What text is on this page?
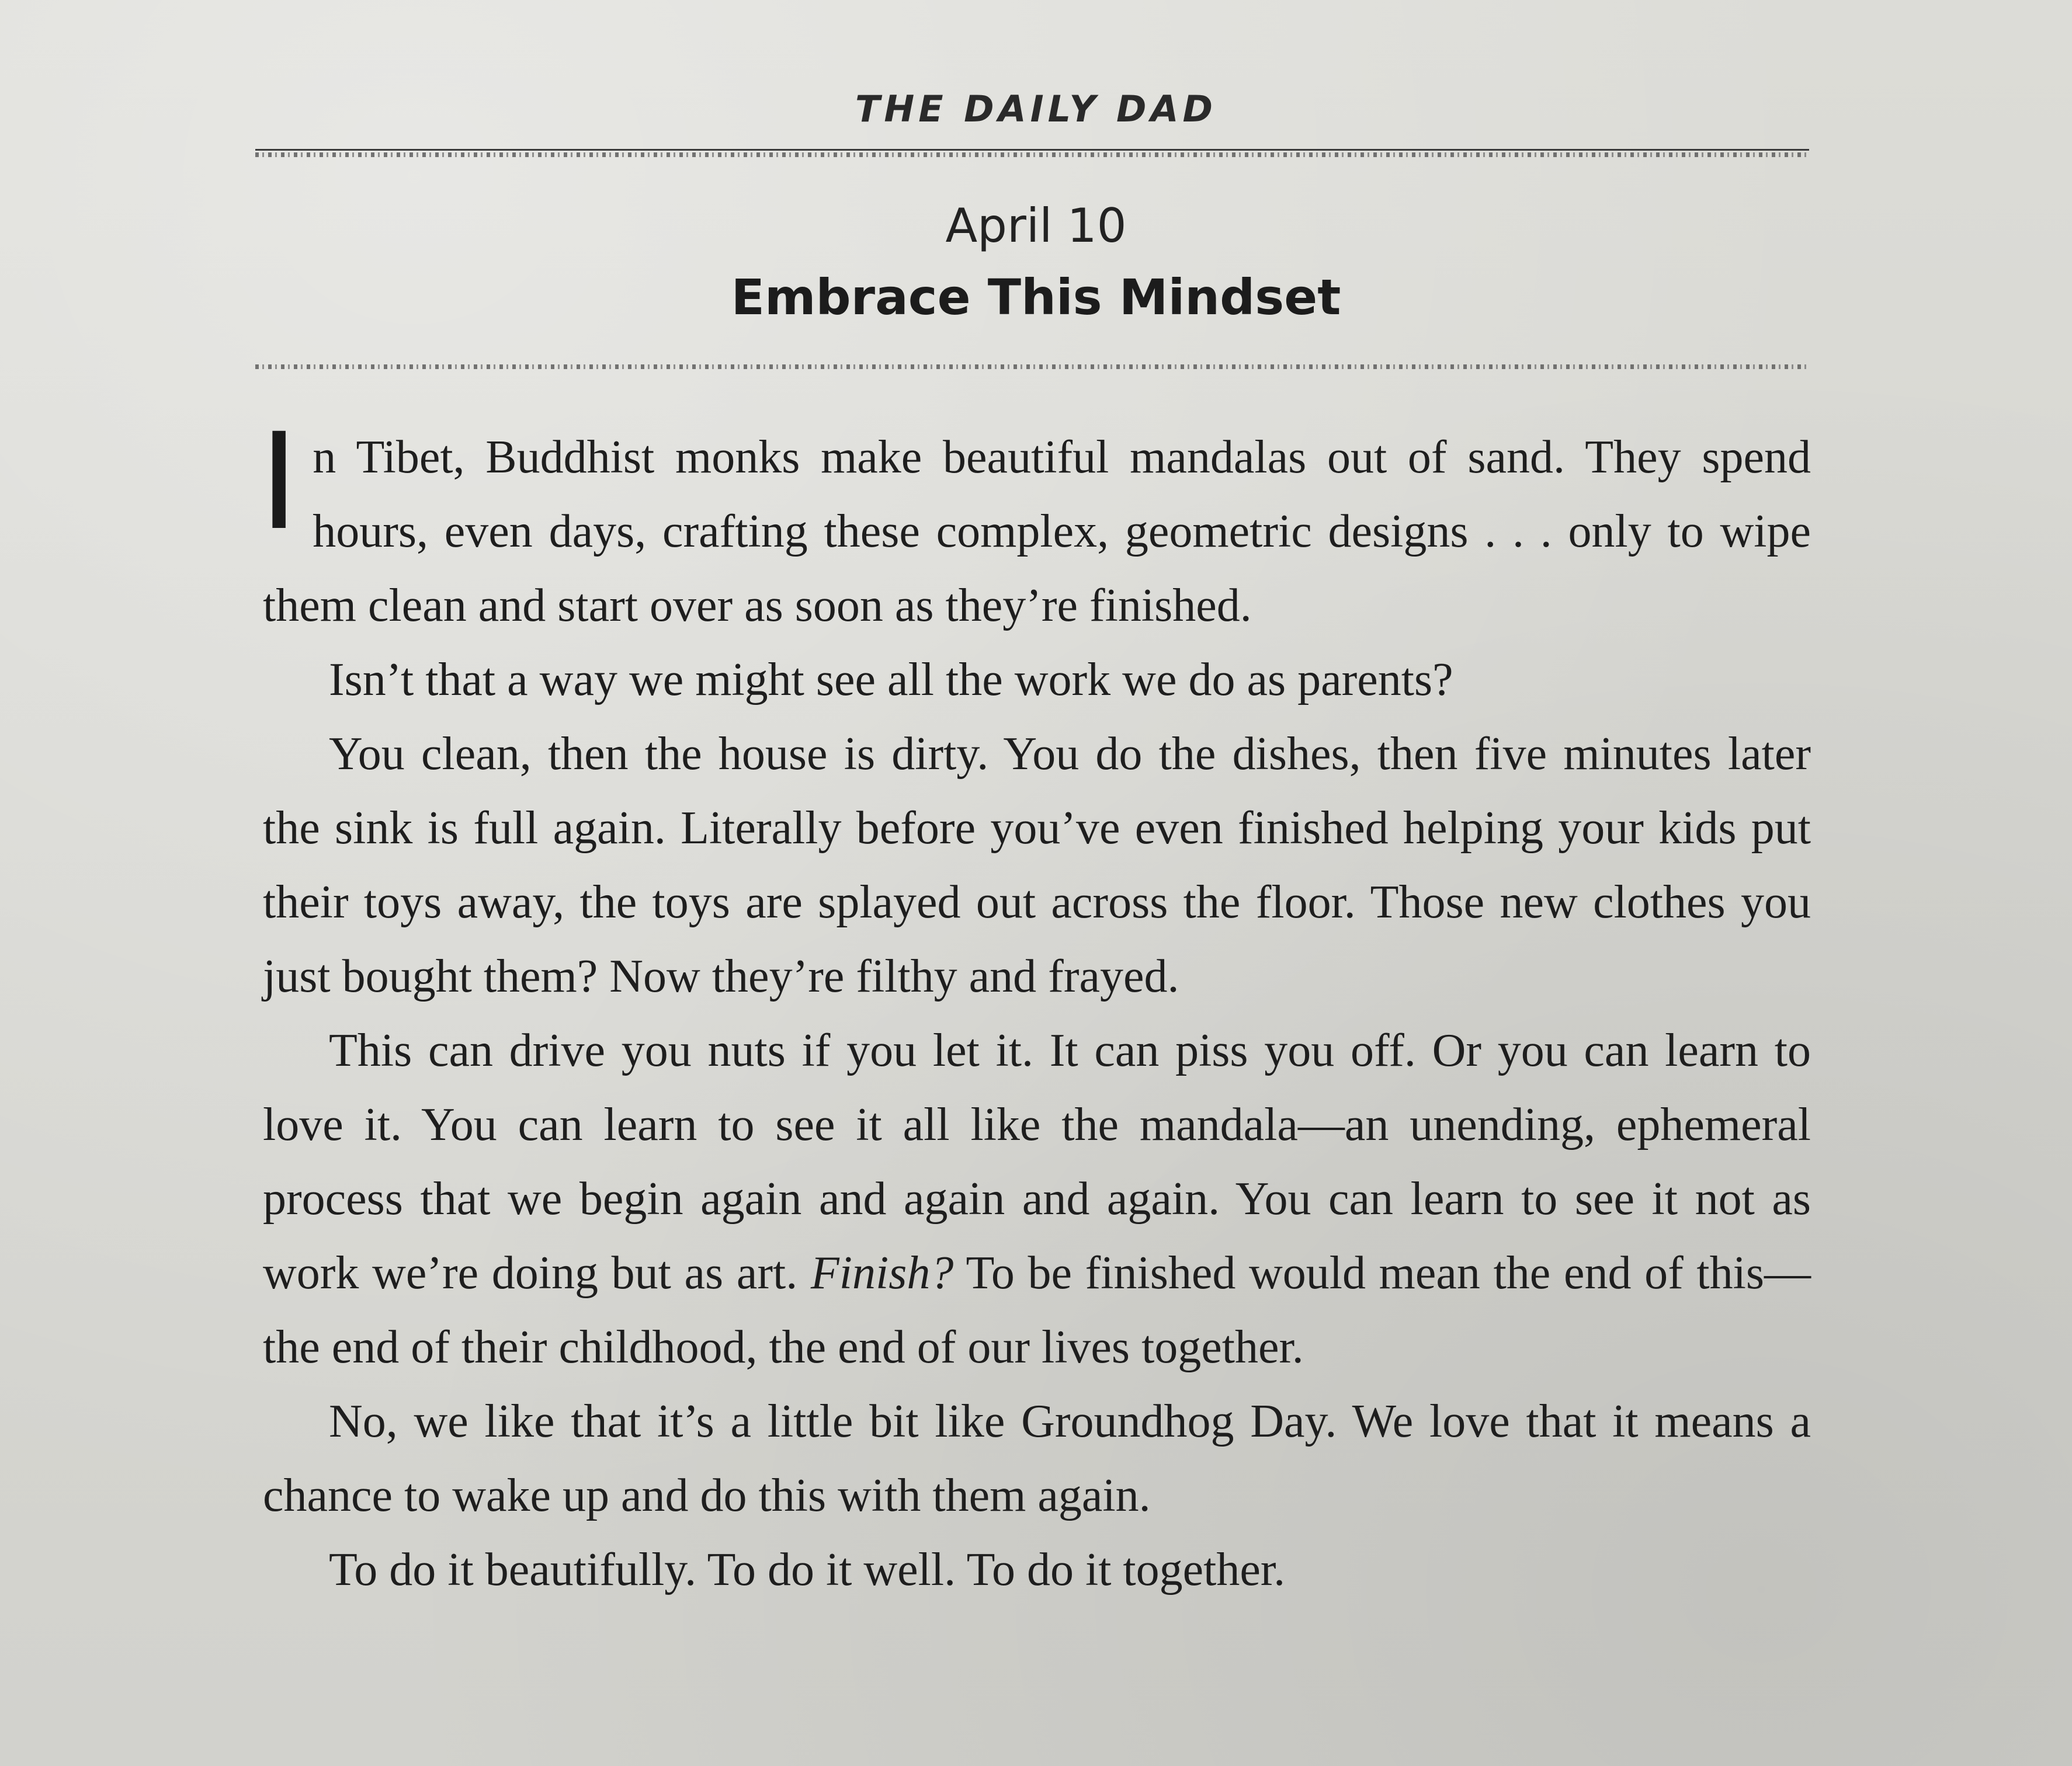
THE DAILY DAD
April 10
Embrace This Mindset

In Tibet, Buddhist monks make beautiful mandalas out of sand. They spend hours, even days, crafting these complex, geometric designs . . . only to wipe them clean and start over as soon as they’re finished.

Isn’t that a way we might see all the work we do as parents?

You clean, then the house is dirty. You do the dishes, then five minutes later the sink is full again. Literally before you’ve even finished helping your kids put their toys away, the toys are splayed out across the floor. Those new clothes you just bought them? Now they’re filthy and frayed.

This can drive you nuts if you let it. It can piss you off. Or you can learn to love it. You can learn to see it all like the mandala—an unending, ephemeral process that we begin again and again and again. You can learn to see it not as work we’re doing but as art. Finish? To be finished would mean the end of this—the end of their childhood, the end of our lives together.

No, we like that it’s a little bit like Groundhog Day. We love that it means a chance to wake up and do this with them again.

To do it beautifully. To do it well. To do it together.
